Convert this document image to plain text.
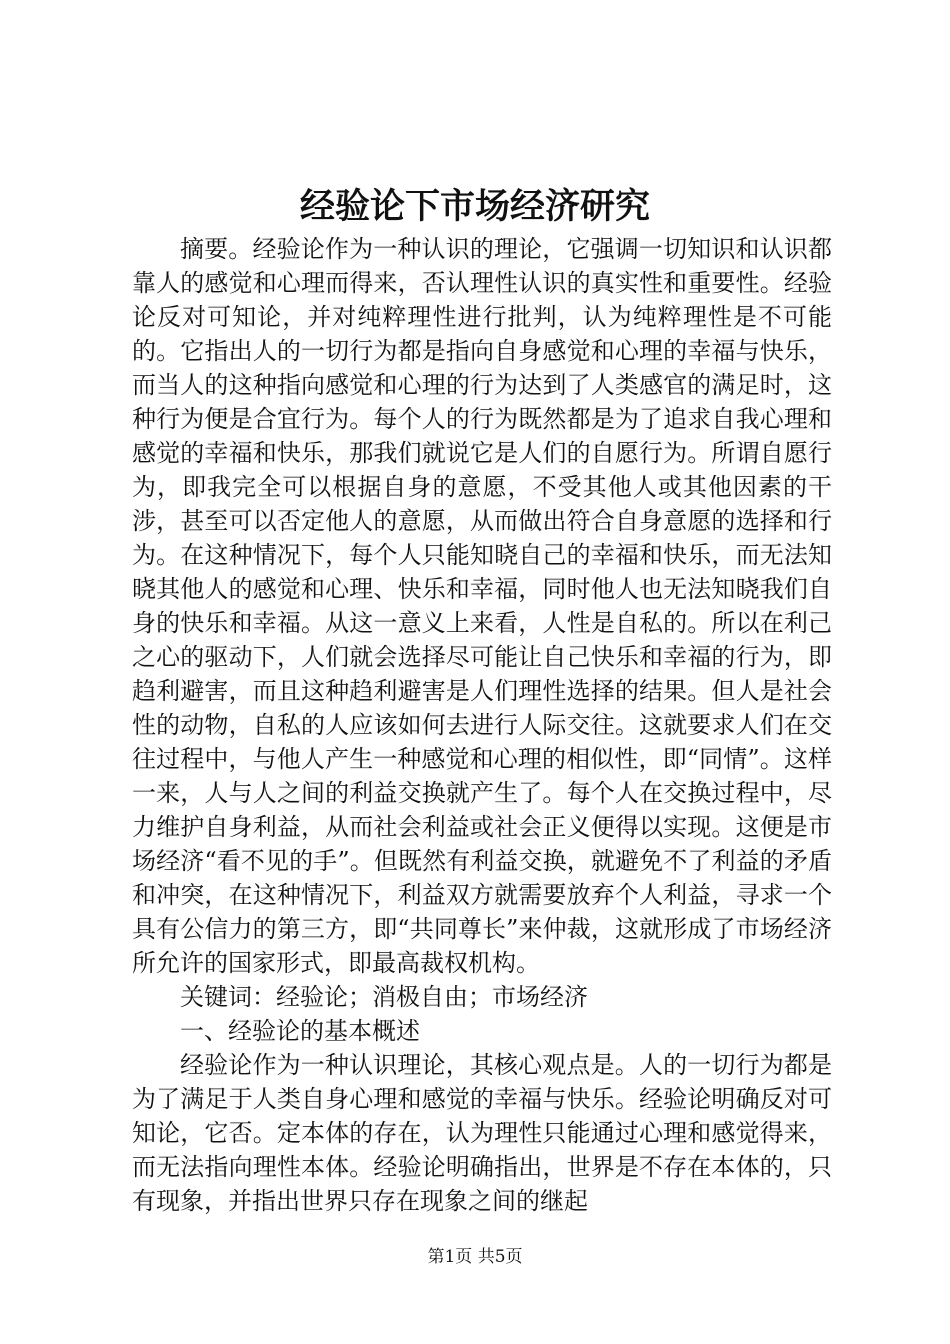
经验论下市场经济研究

摘要。经验论作为一种认识的理论，它强调一切知识和认识都靠人的感觉和心理而得来，否认理性认识的真实性和重要性。经验论反对可知论，并对纯粹理性进行批判，认为纯粹理性是不可能的。它指出人的一切行为都是指向自身感觉和心理的幸福与快乐，而当人的这种指向感觉和心理的行为达到了人类感官的满足时，这种行为便是合宜行为。每个人的行为既然都是为了追求自我心理和感觉的幸福和快乐，那我们就说它是人们的自愿行为。所谓自愿行为，即我完全可以根据自身的意愿，不受其他人或其他因素的干涉，甚至可以否定他人的意愿，从而做出符合自身意愿的选择和行为。在这种情况下，每个人只能知晓自己的幸福和快乐，而无法知晓其他人的感觉和心理、快乐和幸福，同时他人也无法知晓我们自身的快乐和幸福。从这一意义上来看，人性是自私的。所以在利己之心的驱动下，人们就会选择尽可能让自己快乐和幸福的行为，即趋利避害，而且这种趋利避害是人们理性选择的结果。但人是社会性的动物，自私的人应该如何去进行人际交往。这就要求人们在交往过程中，与他人产生一种感觉和心理的相似性，即“同情”。这样一来，人与人之间的利益交换就产生了。每个人在交换过程中，尽力维护自身利益，从而社会利益或社会正义便得以实现。这便是市场经济“看不见的手”。但既然有利益交换，就避免不了利益的矛盾和冲突，在这种情况下，利益双方就需要放弃个人利益，寻求一个具有公信力的第三方，即“共同尊长”来仲裁，这就形成了市场经济所允许的国家形式，即最高裁权机构。

关键词：经验论；消极自由；市场经济

一、经验论的基本概述

经验论作为一种认识理论，其核心观点是。人的一切行为都是为了满足于人类自身心理和感觉的幸福与快乐。经验论明确反对可知论，它否。定本体的存在，认为理性只能通过心理和感觉得来，而无法指向理性本体。经验论明确指出，世界是不存在本体的，只有现象，并指出世界只存在现象之间的继起

第1页 共5页
